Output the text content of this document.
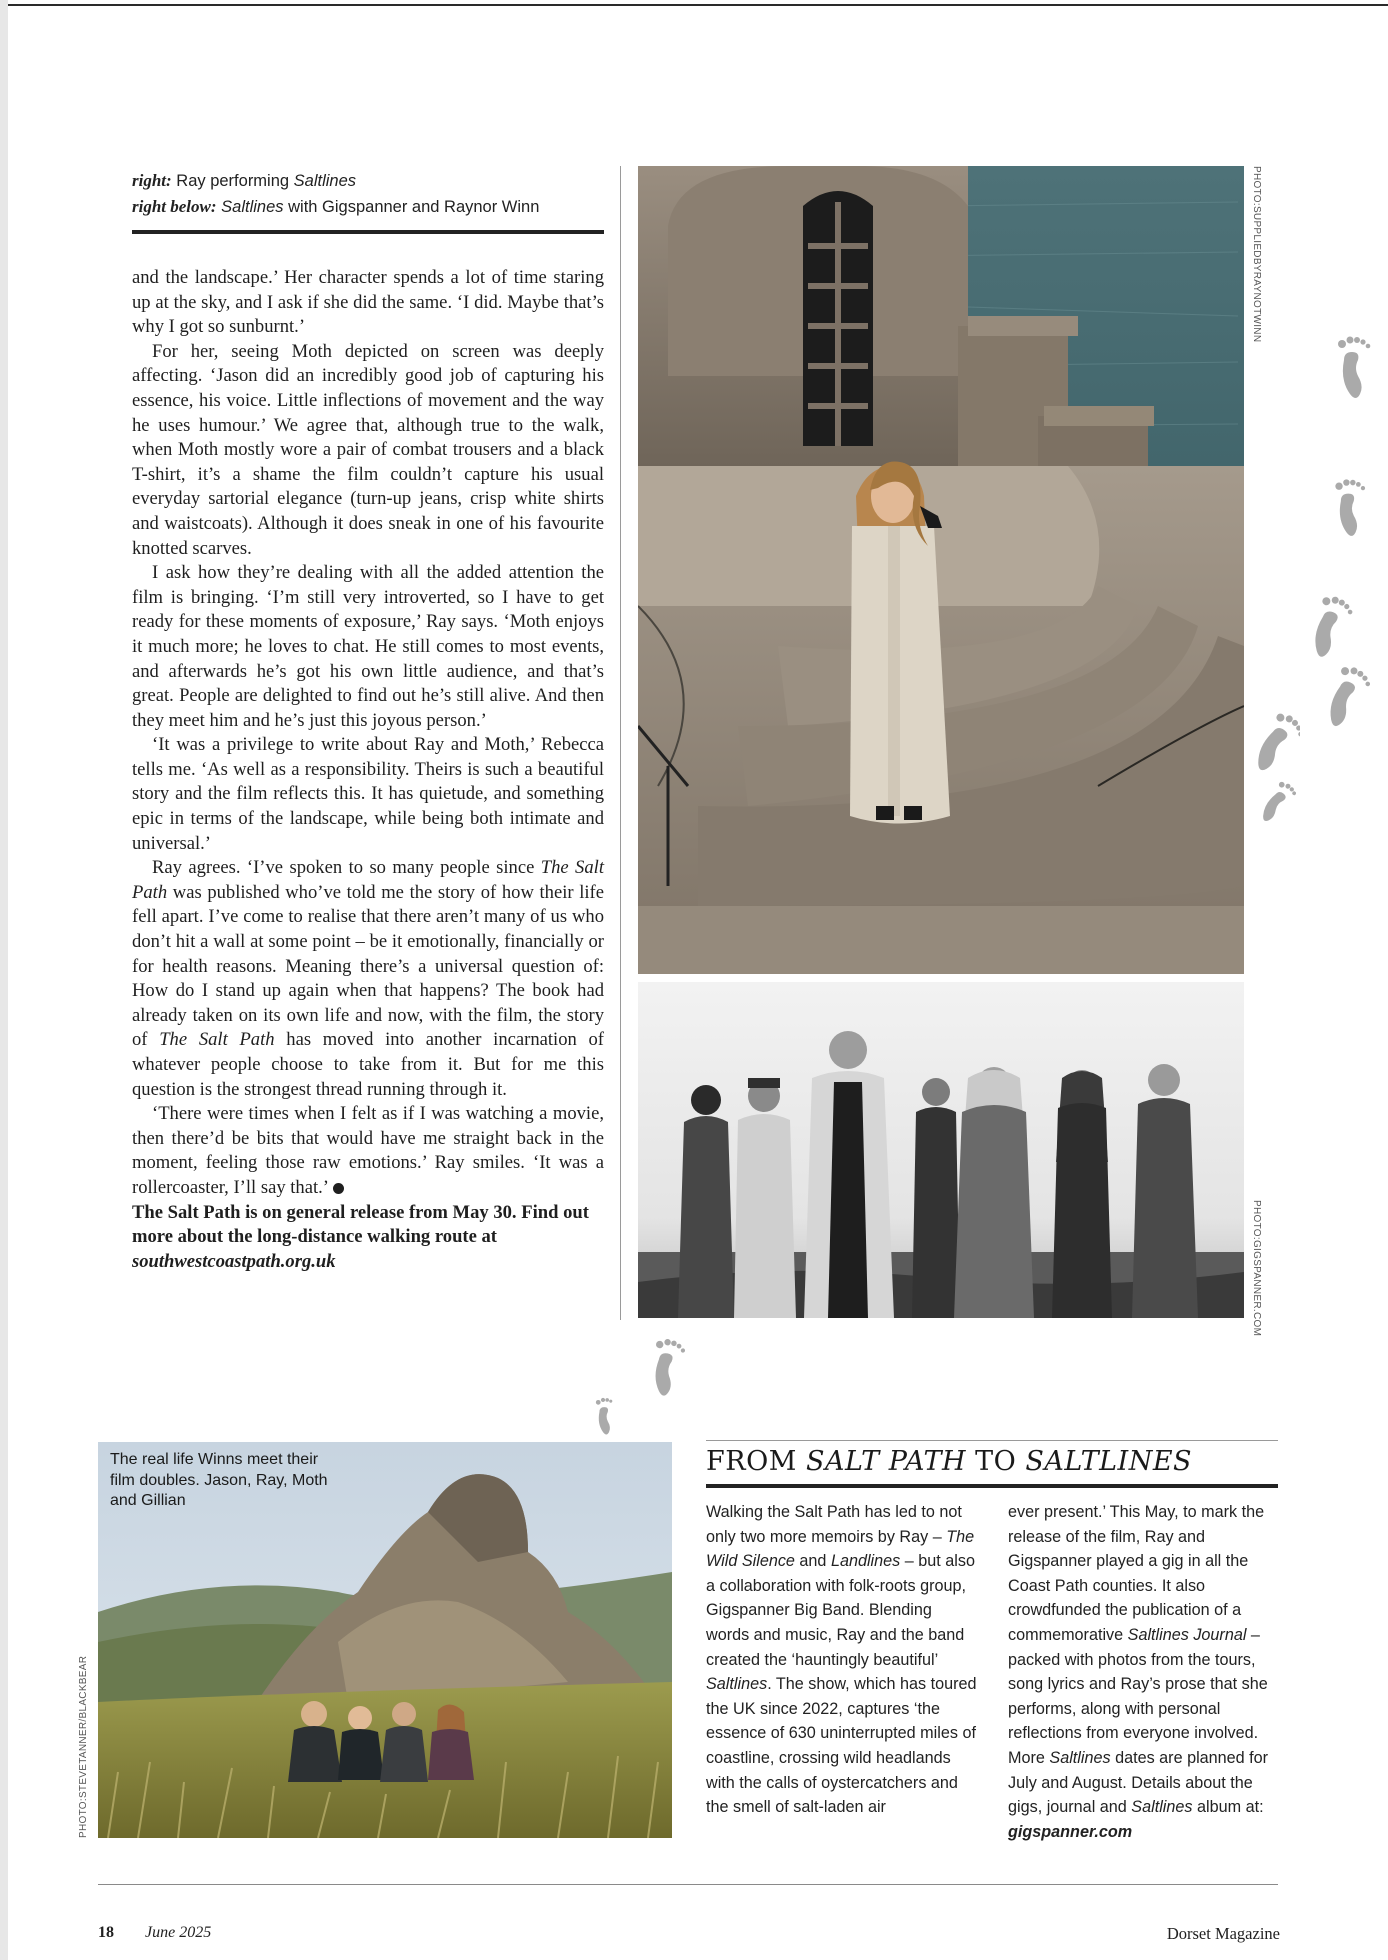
right: Ray performing Saltlines
right below: Saltlines with Gigspanner and Raynor Winn

and the landscape.’ Her character spends a lot of time staring up at the sky, and I ask if she did the same. ‘I did. Maybe that’s why I got so sunburnt.’

For her, seeing Moth depicted on screen was deeply affecting. ‘Jason did an incredibly good job of capturing his essence, his voice. Little inflections of movement and the way he uses humour.’ We agree that, although true to the walk, when Moth mostly wore a pair of combat trousers and a black T-shirt, it’s a shame the film couldn’t capture his usual everyday sartorial elegance (turn-up jeans, crisp white shirts and waistcoats). Although it does sneak in one of his favourite knotted scarves.

I ask how they’re dealing with all the added attention the film is bringing. ‘I’m still very introverted, so I have to get ready for these moments of exposure,’ Ray says. ‘Moth enjoys it much more; he loves to chat. He still comes to most events, and afterwards he’s got his own little audience, and that’s great. People are delighted to find out he’s still alive. And then they meet him and he’s just this joyous person.’

‘It was a privilege to write about Ray and Moth,’ Rebecca tells me. ‘As well as a responsibility. Theirs is such a beautiful story and the film reflects this. It has quietude, and something epic in terms of the landscape, while being both intimate and universal.’

Ray agrees. ‘I’ve spoken to so many people since The Salt Path was published who’ve told me the story of how their life fell apart. I’ve come to realise that there aren’t many of us who don’t hit a wall at some point – be it emotionally, financially or for health reasons. Meaning there’s a universal question of: How do I stand up again when that happens? The book had already taken on its own life and now, with the film, the story of The Salt Path has moved into another incarnation of whatever people choose to take from it. But for me this question is the strongest thread running through it.

‘There were times when I felt as if I was watching a movie, then there’d be bits that would have me straight back in the moment, feeling those raw emotions.’ Ray smiles. ‘It was a rollercoaster, I’ll say that.’

The Salt Path is on general release from May 30. Find out more about the long-distance walking route at southwestcoastpath.org.uk

PHOTO:SUPPLIEDBYRAYNOTWINN
PHOTO:GIGSPANNER.COM
The real life Winns meet their film doubles. Jason, Ray, Moth and Gillian
PHOTO:STEVETANNER/BLACKBEAR
FROM SALT PATH TO SALTLINES
Walking the Salt Path has led to not only two more memoirs by Ray – The Wild Silence and Landlines – but also a collaboration with folk-roots group, Gigspanner Big Band. Blending words and music, Ray and the band created the ‘hauntingly beautiful’ Saltlines. The show, which has toured the UK since 2022, captures ‘the essence of 630 uninterrupted miles of coastline, crossing wild headlands with the calls of oystercatchers and the smell of salt-laden air
ever present.’ This May, to mark the release of the film, Ray and Gigspanner played a gig in all the Coast Path counties. It also crowdfunded the publication of a commemorative Saltlines Journal – packed with photos from the tours, song lyrics and Ray’s prose that she performs, along with personal reflections from everyone involved. More Saltlines dates are planned for July and August. Details about the gigs, journal and Saltlines album at: gigspanner.com
18 June 2025	Dorset Magazine
